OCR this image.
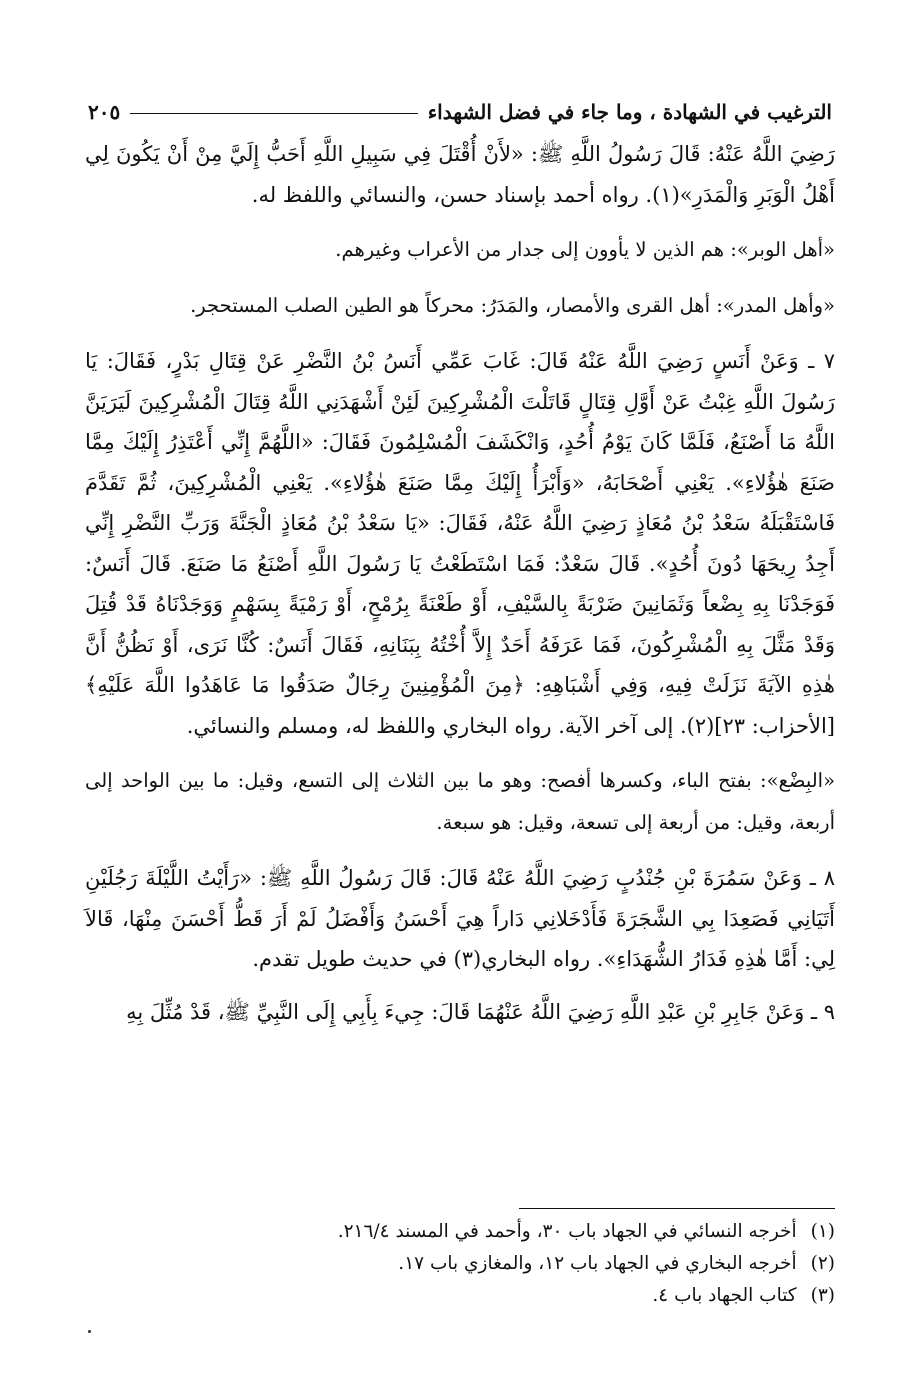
الترغيب في الشهادة ، وما جاء في فضل الشهداء
٢٠٥

رَضِيَ اللَّهُ عَنْهُ: قَالَ رَسُولُ اللَّهِ ﷺ: «لأَنْ أُقْتَلَ فِي سَبِيلِ اللَّهِ أَحَبُّ إِلَيَّ مِنْ أَنْ يَكُونَ لِي أَهْلُ الْوَبَرِ وَالْمَدَرِ»(١). رواه أحمد بإسناد حسن، والنسائي واللفظ له.

«أهل الوبر»: هم الذين لا يأوون إلى جدار من الأعراب وغيرهم.

«وأهل المدر»: أهل القرى والأمصار، والمَدَرُ: محركاً هو الطين الصلب المستحجر.

٧ ـ وَعَنْ أَنَسٍ رَضِيَ اللَّهُ عَنْهُ قَالَ: غَابَ عَمِّي أَنَسُ بْنُ النَّضْرِ عَنْ قِتَالِ بَدْرٍ، فَقَالَ: يَا رَسُولَ اللَّهِ غِبْتُ عَنْ أَوَّلِ قِتَالٍ قَاتَلْتَ الْمُشْرِكِينَ لَئِنْ أَشْهَدَنِي اللَّهُ قِتَالَ الْمُشْرِكِينَ لَيَرَيَنَّ اللَّهُ مَا أَصْنَعُ، فَلَمَّا كَانَ يَوْمُ أُحُدٍ، وَانْكَشَفَ الْمُسْلِمُونَ فَقَالَ: «اللَّهُمَّ إِنِّي أَعْتَذِرُ إِلَيْكَ مِمَّا صَنَعَ هٰؤُلاءِ». يَعْنِي أَصْحَابَهُ، «وَأَبْرَأُ إِلَيْكَ مِمَّا صَنَعَ هٰؤُلاءِ». يَعْنِي الْمُشْرِكِينَ، ثُمَّ تَقَدَّمَ فَاسْتَقْبَلَهُ سَعْدُ بْنُ مُعَاذٍ رَضِيَ اللَّهُ عَنْهُ، فَقَالَ: «يَا سَعْدُ بْنُ مُعَاذٍ الْجَنَّةَ وَرَبِّ النَّضْرِ إِنِّي أَجِدُ رِيحَهَا دُونَ أُحُدٍ». قَالَ سَعْدٌ: فَمَا اسْتَطَعْتُ يَا رَسُولَ اللَّهِ أَصْنَعُ مَا صَنَعَ. قَالَ أَنَسٌ: فَوَجَدْنَا بِهِ بِضْعاً وَثَمَانِينَ ضَرْبَةً بِالسَّيْفِ، أَوْ طَعْنَةً بِرُمْحٍ، أَوْ رَمْيَةً بِسَهْمٍ وَوَجَدْنَاهُ قَدْ قُتِلَ وَقَدْ مَثَّلَ بِهِ الْمُشْرِكُونَ، فَمَا عَرَفَهُ أَحَدٌ إِلاَّ أُخْتُهُ بِبَنَانِهِ، فَقَالَ أَنَسٌ: كُنَّا نَرَى، أَوْ نَظُنُّ أَنَّ هٰذِهِ الآيَةَ نَزَلَتْ فِيهِ، وَفِي أَشْبَاهِهِ: ﴿مِنَ الْمُؤْمِنِينَ رِجَالٌ صَدَقُوا مَا عَاهَدُوا اللَّهَ عَلَيْهِ﴾ [الأحزاب: ٢٣](٢). إلى آخر الآية. رواه البخاري واللفظ له، ومسلم والنسائي.

«البِضْع»: بفتح الباء، وكسرها أفصح: وهو ما بين الثلاث إلى التسع، وقيل: ما بين الواحد إلى أربعة، وقيل: من أربعة إلى تسعة، وقيل: هو سبعة.

٨ ـ وَعَنْ سَمُرَةَ بْنِ جُنْدُبٍ رَضِيَ اللَّهُ عَنْهُ قَالَ: قَالَ رَسُولُ اللَّهِ ﷺ: «رَأَيْتُ اللَّيْلَةَ رَجُلَيْنِ أَتَيَانِي فَصَعِدَا بِي الشَّجَرَةَ فَأَدْخَلانِي دَاراً هِيَ أَحْسَنُ وَأَفْضَلُ لَمْ أَرَ قَطُّ أَحْسَنَ مِنْهَا، قَالاَ لِي: أَمَّا هٰذِهِ فَدَارُ الشُّهَدَاءِ». رواه البخاري(٣) في حديث طويل تقدم.

٩ ـ وَعَنْ جَابِرِ بْنِ عَبْدِ اللَّهِ رَضِيَ اللَّهُ عَنْهُمَا قَالَ: جِيءَ بِأَبِي إِلَى النَّبِيِّ ﷺ، قَدْ مُثِّلَ بِهِ

(١)
أخرجه النسائي في الجهاد باب ٣٠، وأحمد في المسند ٢١٦/٤.
(٢)
أخرجه البخاري في الجهاد باب ١٢، والمغازي باب ١٧.
(٣)
كتاب الجهاد باب ٤.
